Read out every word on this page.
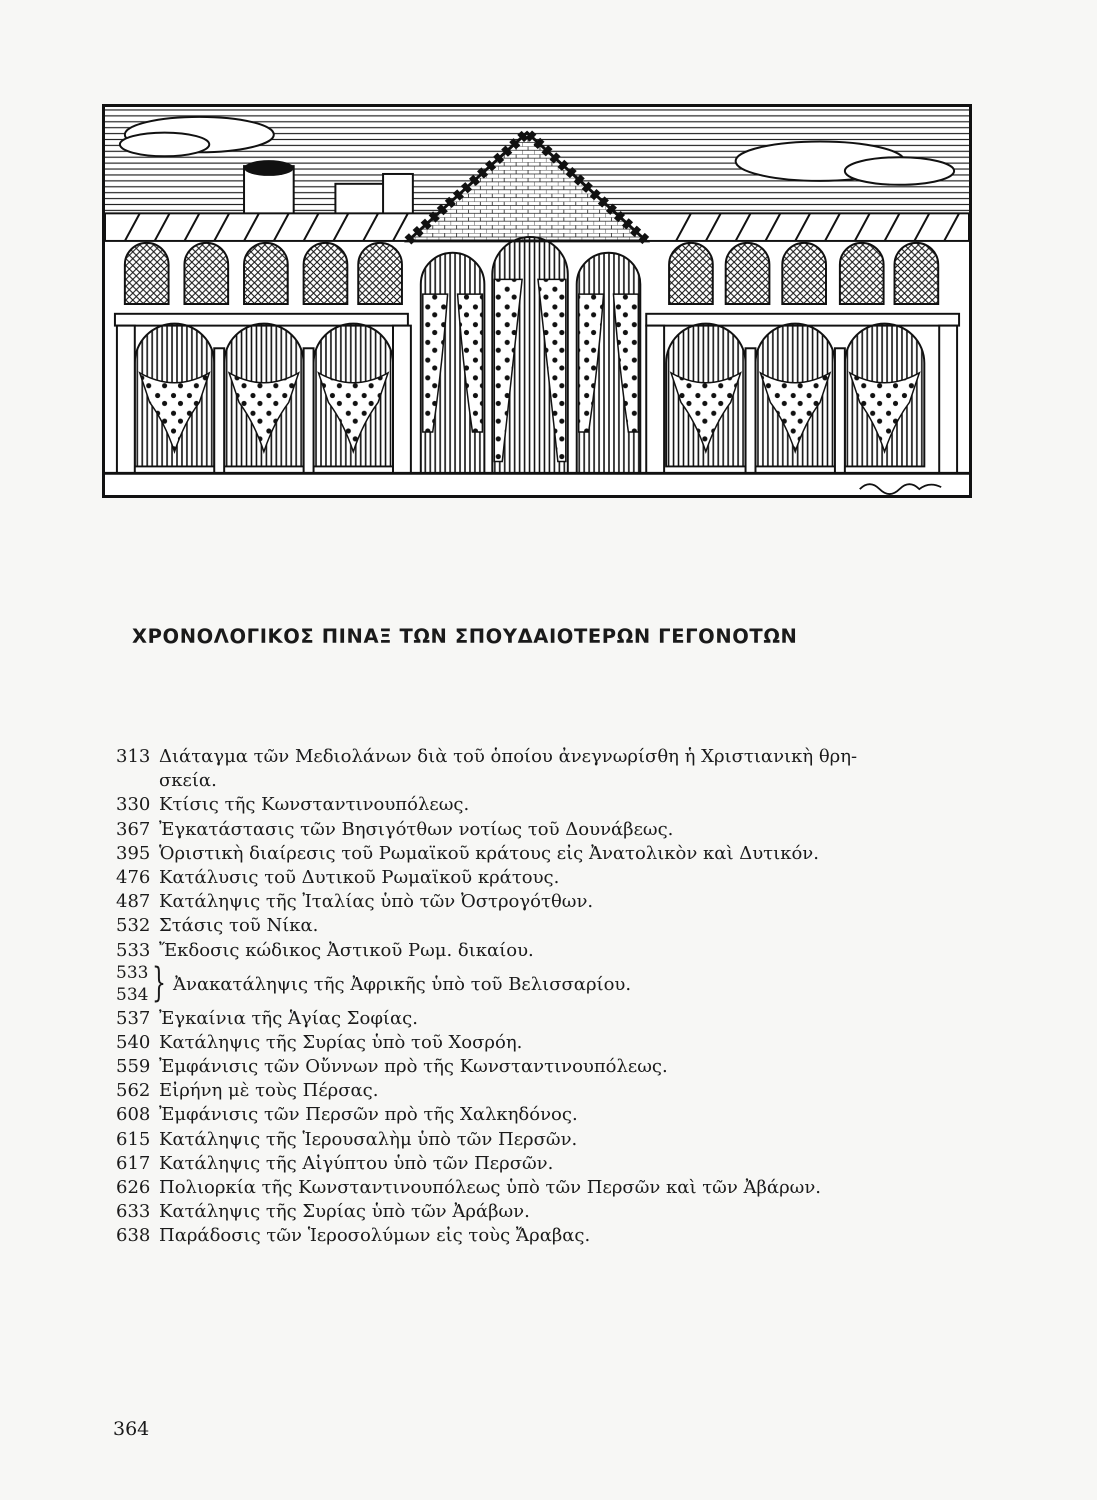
ΧΡΟΝΟΛΟΓΙΚΟΣ ΠΙΝΑΞ ΤΩΝ ΣΠΟΥΔΑΙΟΤΕΡΩΝ ΓΕΓΟΝΟΤΩΝ
313 Διάταγμα τῶν Μεδιολάνων διὰ τοῦ ὁποίου ἀνεγνωρίσθη ἡ Χριστιανικὴ θρη-
σκεία.
330 Κτίσις τῆς Κωνσταντινουπόλεως.
367 Ἐγκατάστασις τῶν Βησιγότθων νοτίως τοῦ Δουνάβεως.
395 Ὁριστικὴ διαίρεσις τοῦ Ρωμαϊκοῦ κράτους εἰς Ἀνατολικὸν καὶ Δυτικόν.
476 Κατάλυσις τοῦ Δυτικοῦ Ρωμαϊκοῦ κράτους.
487 Κατάληψις τῆς Ἰταλίας ὑπὸ τῶν Ὀστρογότθων.
532 Στάσις τοῦ Νίκα.
533 Ἔκδοσις κώδικος Ἀστικοῦ Ρωμ. δικαίου.
533
534 } Ἀνακατάληψις τῆς Ἀφρικῆς ὑπὸ τοῦ Βελισσαρίου.
537 Ἐγκαίνια τῆς Ἁγίας Σοφίας.
540 Κατάληψις τῆς Συρίας ὑπὸ τοῦ Χοσρόη.
559 Ἐμφάνισις τῶν Οὔννων πρὸ τῆς Κωνσταντινουπόλεως.
562 Εἰρήνη μὲ τοὺς Πέρσας.
608 Ἐμφάνισις τῶν Περσῶν πρὸ τῆς Χαλκηδόνος.
615 Κατάληψις τῆς Ἱερουσαλὴμ ὑπὸ τῶν Περσῶν.
617 Κατάληψις τῆς Αἰγύπτου ὑπὸ τῶν Περσῶν.
626 Πολιορκία τῆς Κωνσταντινουπόλεως ὑπὸ τῶν Περσῶν καὶ τῶν Ἀβάρων.
633 Κατάληψις τῆς Συρίας ὑπὸ τῶν Ἀράβων.
638 Παράδοσις τῶν Ἱεροσολύμων εἰς τοὺς Ἄραβας.
364
